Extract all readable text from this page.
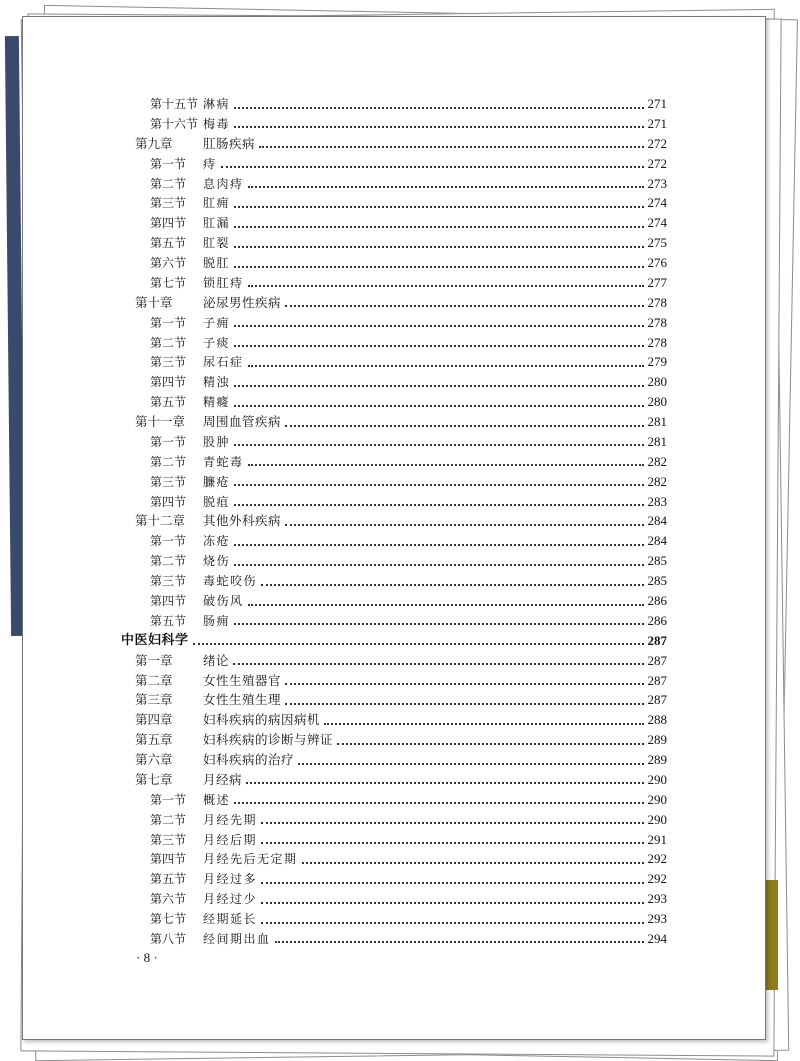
第十五节 淋病	271
第十六节 梅毒	271
第九章	肛肠疾病	272
第一节	痔	272
第二节	息肉痔	273
第三节	肛痈	274
第四节	肛漏	274
第五节	肛裂	275
第六节	脱肛	276
第七节	锁肛痔	277
第十章	泌尿男性疾病	278
第一节	子痈	278
第二节	子痰	278
第三节	尿石症	279
第四节	精浊	280
第五节	精癃	280
第十一章	周围血管疾病	281
第一节	股肿	281
第二节	青蛇毒	282
第三节	臁疮	282
第四节	脱疽	283
第十二章	其他外科疾病	284
第一节	冻疮	284
第二节	烧伤	285
第三节	毒蛇咬伤	285
第四节	破伤风	286
第五节	肠痈	286
中医妇科学	287
第一章	绪论	287
第二章	女性生殖器官	287
第三章	女性生殖生理	287
第四章	妇科疾病的病因病机	288
第五章	妇科疾病的诊断与辨证	289
第六章	妇科疾病的治疗	289
第七章	月经病	290
第一节	概述	290
第二节	月经先期	290
第三节	月经后期	291
第四节	月经先后无定期	292
第五节	月经过多	292
第六节	月经过少	293
第七节	经期延长	293
第八节	经间期出血	294
· 8 ·
